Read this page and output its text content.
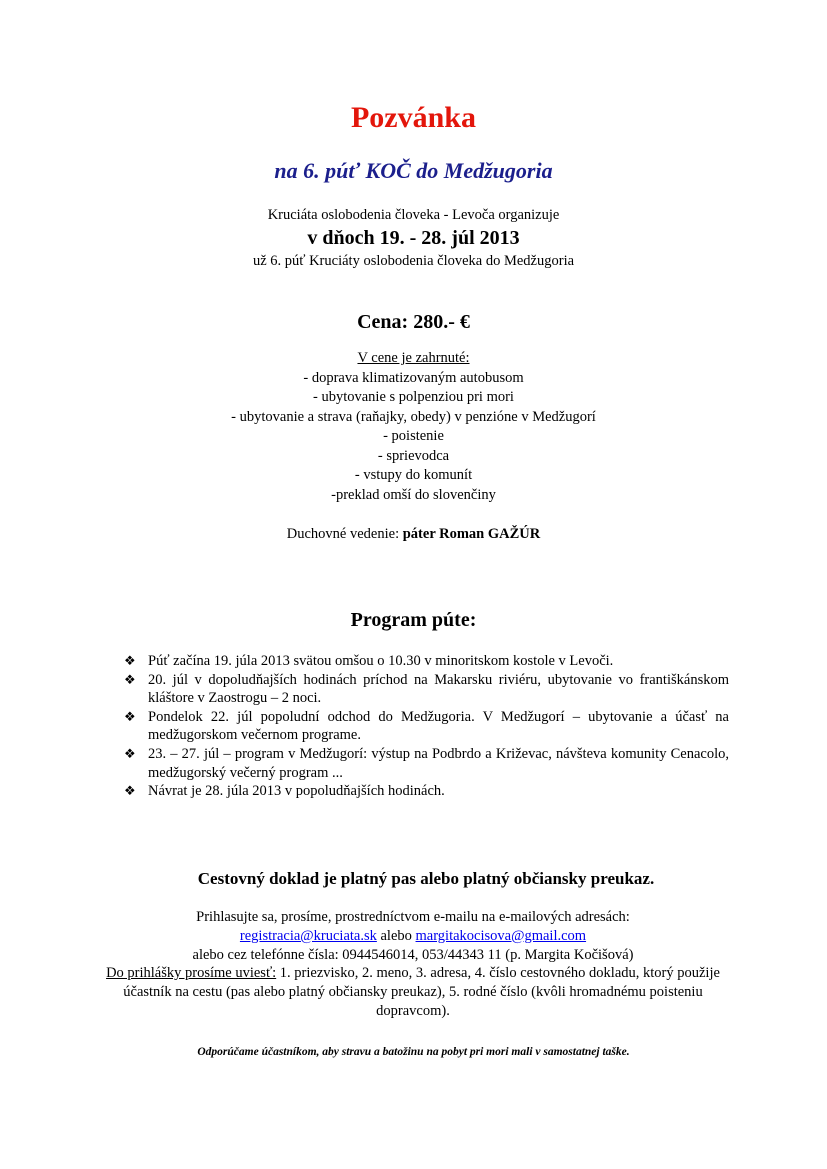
Pozvánka
na 6. púť KOČ do Medžugoria
Kruciáta oslobodenia človeka - Levoča organizuje
v dňoch 19. - 28. júl 2013
už 6. púť Kruciáty oslobodenia človeka do Medžugoria
Cena: 280.- €
V cene je zahrnuté:
- doprava klimatizovaným autobusom
- ubytovanie s polpenziou pri mori
- ubytovanie a strava (raňajky, obedy) v penzióne v Medžugorí
- poistenie
- sprievodca
- vstupy do komunít
-preklad omší do slovenčiny
Duchovné vedenie: páter Roman GAŽÚR
Program púte:
❖ Púť začína 19. júla 2013 svätou omšou o 10.30 v minoritskom kostole v Levoči.
❖ 20. júl v dopoludňajších hodinách príchod na Makarsku riviéru, ubytovanie vo františkánskom kláštore v Zaostrogu – 2 noci.
❖ Pondelok 22. júl popoludní odchod do Medžugoria. V Medžugorí – ubytovanie a účasť na medžugorskom večernom programe.
❖ 23. – 27. júl – program v Medžugorí: výstup na Podbrdo a Križevac, návšteva komunity Cenacolo, medžugorský večerný program ...
❖ Návrat je 28. júla 2013 v popoludňajších hodinách.
Cestovný doklad je platný pas alebo platný občiansky preukaz.
Prihlasujte sa, prosíme, prostredníctvom e-mailu na e-mailových adresách:
registracia@kruciata.sk alebo margitakocisova@gmail.com
alebo cez telefónne čísla: 0944546014, 053/44343 11 (p. Margita Kočišová)
Do prihlášky prosíme uviesť: 1. priezvisko, 2. meno, 3. adresa, 4. číslo cestovného dokladu, ktorý použije účastník na cestu (pas alebo platný občiansky preukaz), 5. rodné číslo (kvôli hromadnému poisteniu dopravcom).
Odporúčame účastníkom, aby stravu a batožinu na pobyt pri mori mali v samostatnej taške.
